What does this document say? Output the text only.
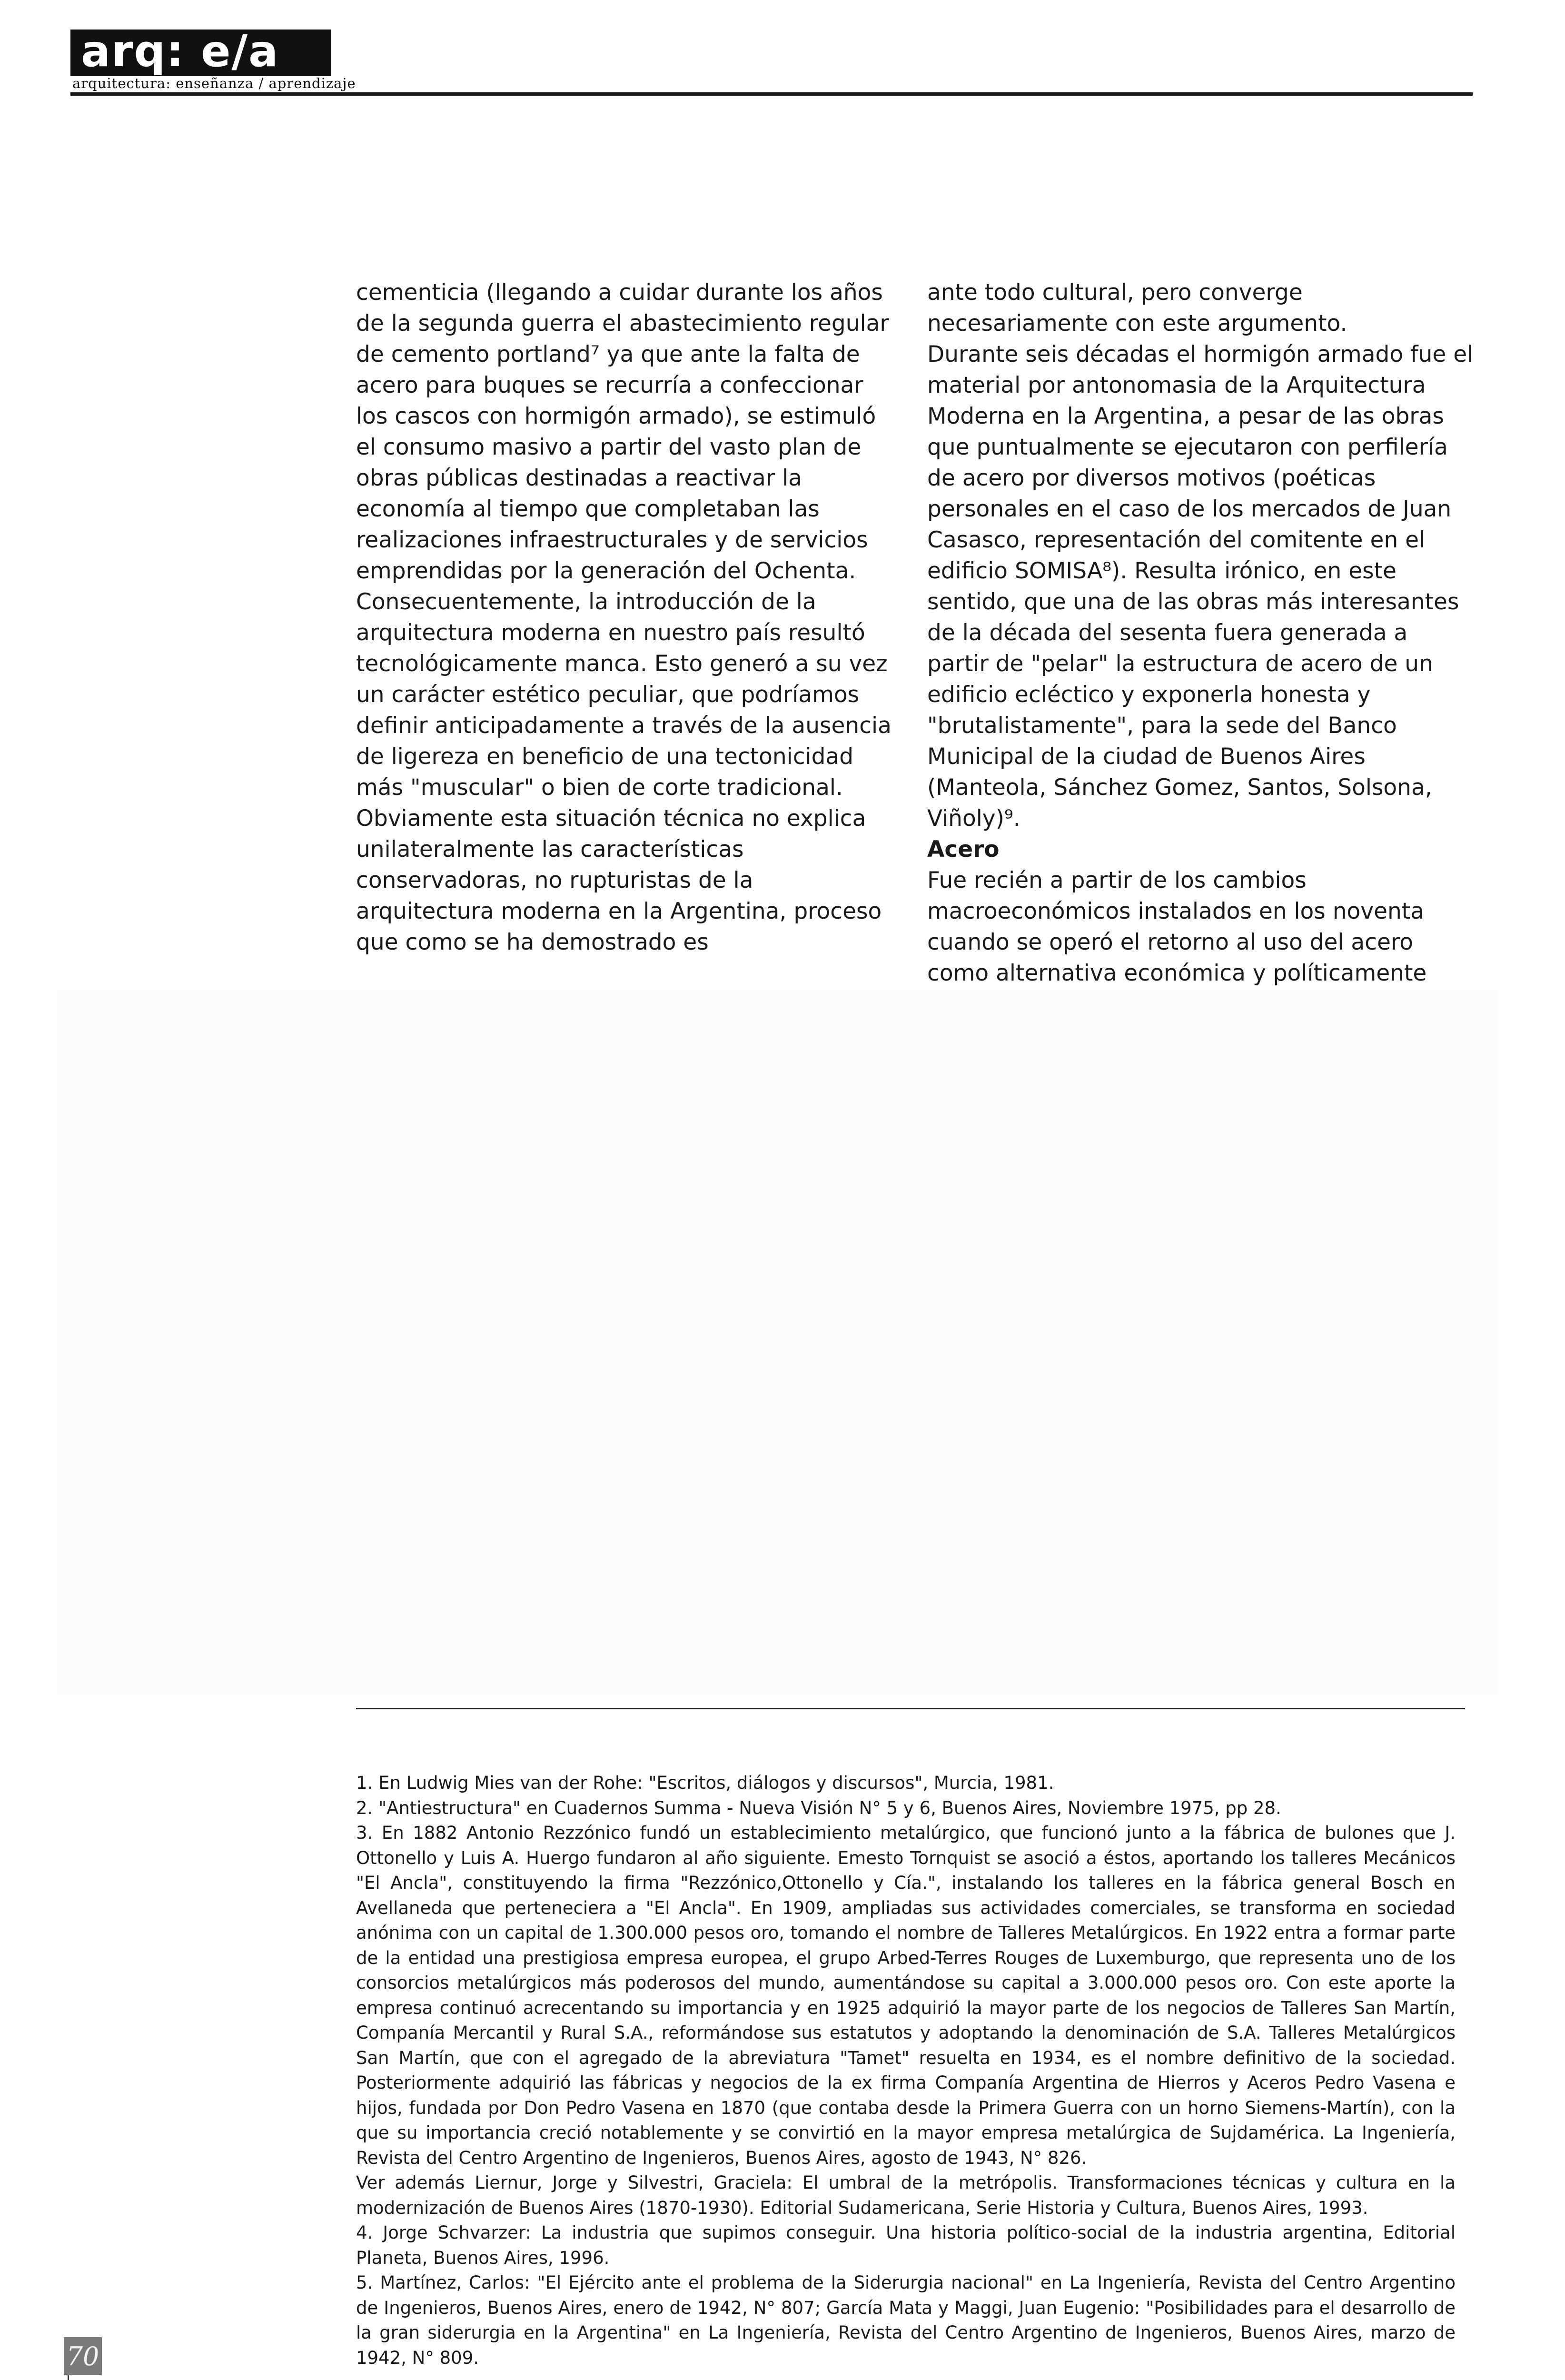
arq: e/a
arquitectura: enseñanza / aprendizaje

cementicia (llegando a cuidar durante los años de la segunda guerra el abastecimiento regular de cemento portland⁷ ya que ante la falta de acero para buques se recurría a confeccionar los cascos con hormigón armado), se estimuló el consumo masivo a partir del vasto plan de obras públicas destinadas a reactivar la economía al tiempo que completaban las realizaciones infraestructurales y de servicios emprendidas por la generación del Ochenta.

Consecuentemente, la introducción de la arquitectura moderna en nuestro país resultó tecnológicamente manca. Esto generó a su vez un carácter estético peculiar, que podríamos definir anticipadamente a través de la ausencia de ligereza en beneficio de una tectonicidad más "muscular" o bien de corte tradicional.

Obviamente esta situación técnica no explica unilateralmente las características conservadoras, no rupturistas de la arquitectura moderna en la Argentina, proceso que como se ha demostrado es

ante todo cultural, pero converge necesariamente con este argumento.

Durante seis décadas el hormigón armado fue el material por antonomasia de la Arquitectura Moderna en la Argentina, a pesar de las obras que puntualmente se ejecutaron con perfilería de acero por diversos motivos (poéticas personales en el caso de los mercados de Juan Casasco, representación del comitente en el edificio SOMISA⁸). Resulta irónico, en este sentido, que una de las obras más interesantes de la década del sesenta fuera generada a partir de "pelar" la estructura de acero de un edificio ecléctico y exponerla honesta y "brutalistamente", para la sede del Banco Municipal de la ciudad de Buenos Aires (Manteola, Sánchez Gomez, Santos, Solsona, Viñoly)⁹.

Acero

Fue recién a partir de los cambios macroeconómicos instalados en los noventa cuando se operó el retorno al uso del acero como alternativa económica y políticamente

1. En Ludwig Mies van der Rohe: "Escritos, diálogos y discursos", Murcia, 1981.

2. "Antiestructura" en Cuadernos Summa - Nueva Visión N° 5 y 6, Buenos Aires, Noviembre 1975, pp 28.

3. En 1882 Antonio Rezzónico fundó un establecimiento metalúrgico, que funcionó junto a la fábrica de bulones que J. Ottonello y Luis A. Huergo fundaron al año siguiente. Emesto Tornquist se asoció a éstos, aportando los talleres Mecánicos "El Ancla", constituyendo la firma "Rezzónico,Ottonello y Cía.", instalando los talleres en la fábrica general Bosch en Avellaneda que perteneciera a "El Ancla". En 1909, ampliadas sus actividades comerciales, se transforma en sociedad anónima con un capital de 1.300.000 pesos oro, tomando el nombre de Talleres Metalúrgicos. En 1922 entra a formar parte de la entidad una prestigiosa empresa europea, el grupo Arbed-Terres Rouges de Luxemburgo, que representa uno de los consorcios metalúrgicos más poderosos del mundo, aumentándose su capital a 3.000.000 pesos oro. Con este aporte la empresa continuó acrecentando su importancia y en 1925 adquirió la mayor parte de los negocios de Talleres San Martín, Companía Mercantil y Rural S.A., reformándose sus estatutos y adoptando la denominación de S.A. Talleres Metalúrgicos San Martín, que con el agregado de la abreviatura "Tamet" resuelta en 1934, es el nombre definitivo de la sociedad. Posteriormente adquirió las fábricas y negocios de la ex firma Companía Argentina de Hierros y Aceros Pedro Vasena e hijos, fundada por Don Pedro Vasena en 1870 (que contaba desde la Primera Guerra con un horno Siemens-Martín), con la que su importancia creció notablemente y se convirtió en la mayor empresa metalúrgica de Sujdamérica. La Ingeniería, Revista del Centro Argentino de Ingenieros, Buenos Aires, agosto de 1943, N° 826.

Ver además Liernur, Jorge y Silvestri, Graciela: El umbral de la metrópolis. Transformaciones técnicas y cultura en la modernización de Buenos Aires (1870-1930). Editorial Sudamericana, Serie Historia y Cultura, Buenos Aires, 1993.

4. Jorge Schvarzer: La industria que supimos conseguir. Una historia político-social de la industria argentina, Editorial Planeta, Buenos Aires, 1996.

5. Martínez, Carlos: "El Ejército ante el problema de la Siderurgia nacional" en La Ingeniería, Revista del Centro Argentino de Ingenieros, Buenos Aires, enero de 1942, N° 807; García Mata y Maggi, Juan Eugenio: "Posibilidades para el desarrollo de la gran siderurgia en la Argentina" en La Ingeniería, Revista del Centro Argentino de Ingenieros, Buenos Aires, marzo de 1942, N° 809.

70
